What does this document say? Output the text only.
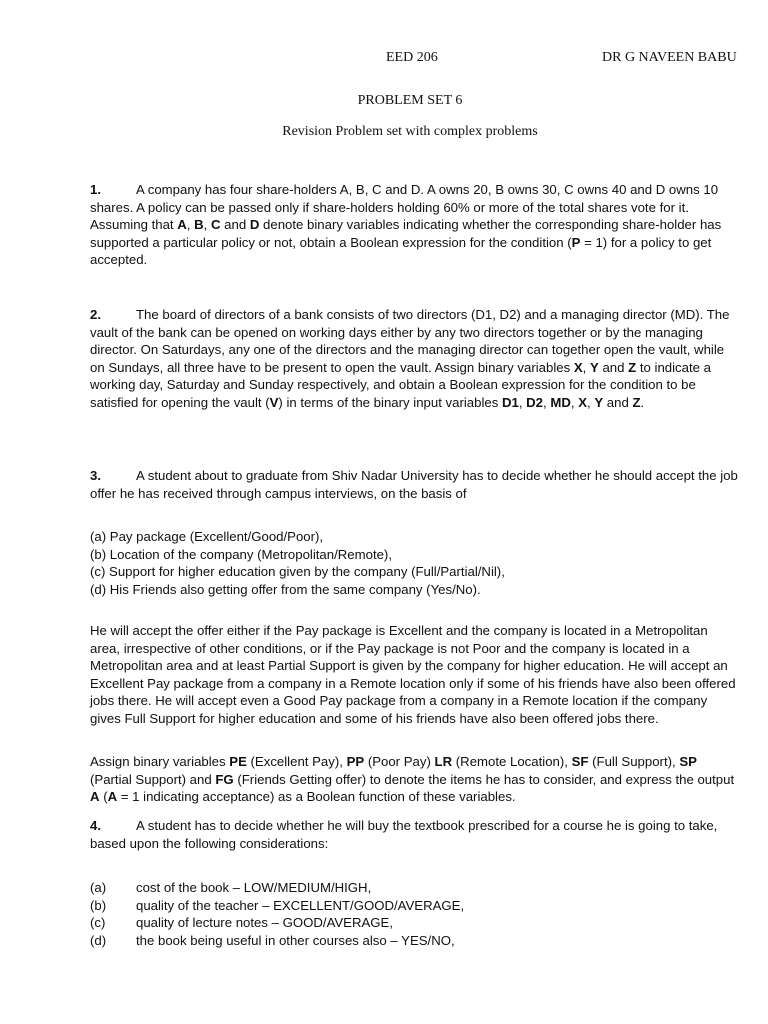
EED 206	DR G NAVEEN BABU
PROBLEM SET 6
Revision Problem set with complex problems

1.	A company has four share-holders A, B, C and D. A owns 20, B owns 30, C owns 40 and D owns 10 shares. A policy can be passed only if share-holders holding 60% or more of the total shares vote for it. Assuming that A, B, C and D denote binary variables indicating whether the corresponding share-holder has supported a particular policy or not, obtain a Boolean expression for the condition (P = 1) for a policy to get accepted.

2.	The board of directors of a bank consists of two directors (D1, D2) and a managing director (MD). The vault of the bank can be opened on working days either by any two directors together or by the managing director. On Saturdays, any one of the directors and the managing director can together open the vault, while on Sundays, all three have to be present to open the vault. Assign binary variables X, Y and Z to indicate a working day, Saturday and Sunday respectively, and obtain a Boolean expression for the condition to be satisfied for opening the vault (V) in terms of the binary input variables D1, D2, MD, X, Y and Z.

3.	A student about to graduate from Shiv Nadar University has to decide whether he should accept the job offer he has received through campus interviews, on the basis of

(a) Pay package (Excellent/Good/Poor),
(b) Location of the company (Metropolitan/Remote),
(c) Support for higher education given by the company (Full/Partial/Nil),
(d) His Friends also getting offer from the same company (Yes/No).

He will accept the offer either if the Pay package is Excellent and the company is located in a Metropolitan area, irrespective of other conditions, or if the Pay package is not Poor and the company is located in a Metropolitan area and at least Partial Support is given by the company for higher education. He will accept an Excellent Pay package from a company in a Remote location only if some of his friends have also been offered jobs there. He will accept even a Good Pay package from a company in a Remote location if the company gives Full Support for higher education and some of his friends have also been offered jobs there.

Assign binary variables PE (Excellent Pay), PP (Poor Pay) LR (Remote Location), SF (Full Support), SP (Partial Support) and FG (Friends Getting offer) to denote the items he has to consider, and express the output A (A = 1 indicating acceptance) as a Boolean function of these variables.

4.	A student has to decide whether he will buy the textbook prescribed for a course he is going to take, based upon the following considerations:

(a) cost of the book – LOW/MEDIUM/HIGH,
(b) quality of the teacher – EXCELLENT/GOOD/AVERAGE,
(c) quality of lecture notes – GOOD/AVERAGE,
(d) the book being useful in other courses also – YES/NO,
